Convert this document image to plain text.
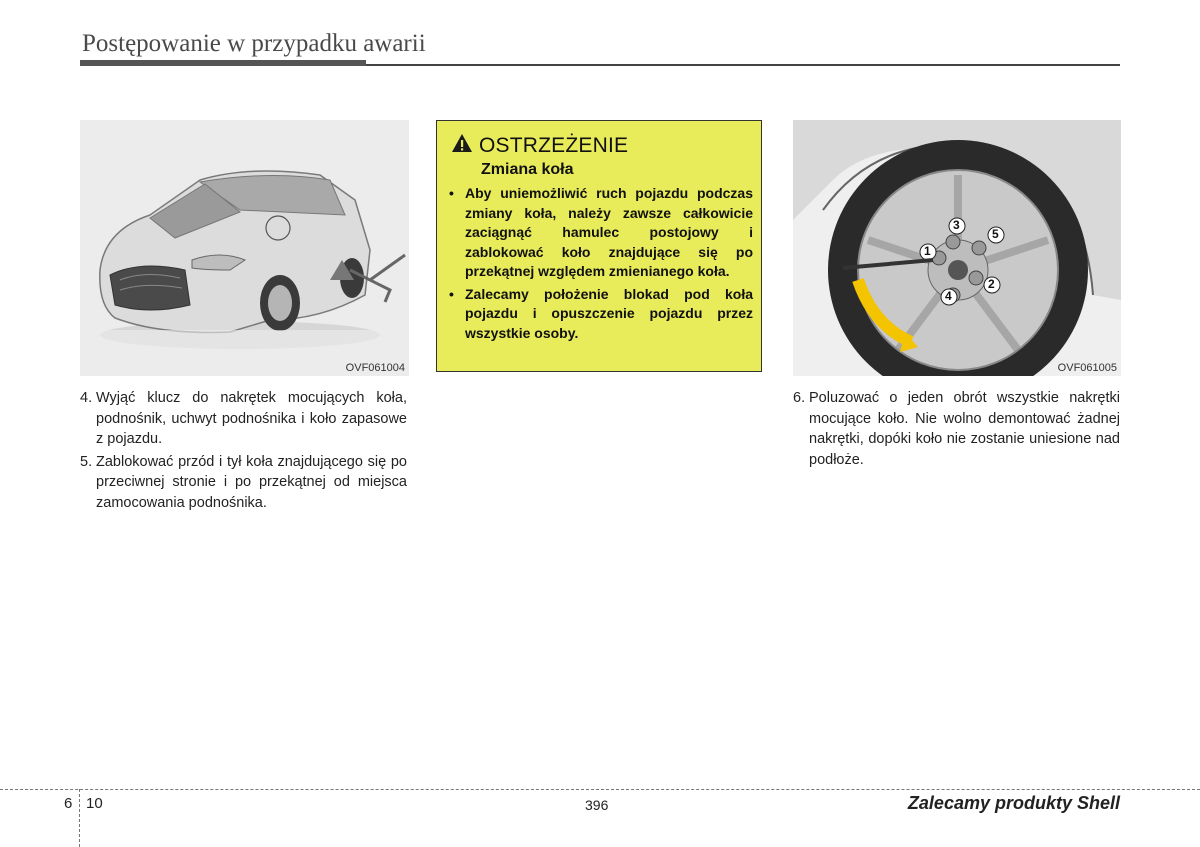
Postępowanie w przypadku awarii
OVF061004
4. Wyjąć klucz do nakrętek mocujących koła, podnośnik, uchwyt podnośnika i koło zapasowe z pojazdu.
5. Zablokować przód i tył koła znajdującego się po przeciwnej stronie i po przekątnej od miejsca zamocowania podnośnika.
OSTRZEŻENIE
Zmiana koła
• Aby uniemożliwić ruch pojazdu podczas zmiany koła, należy zawsze całkowicie zaciągnąć hamulec postojowy i zablokować koło znajdujące się po przekątnej względem zmienianego koła.
• Zalecamy położenie blokad pod koła pojazdu i opuszczenie pojazdu przez wszystkie osoby.
1
2
3
4
5
OVF061005
6. Poluzować o jeden obrót wszystkie nakrętki mocujące koło. Nie wolno demontować żadnej nakrętki, dopóki koło nie zostanie uniesione nad podłoże.
6 10	396	Zalecamy produkty Shell
